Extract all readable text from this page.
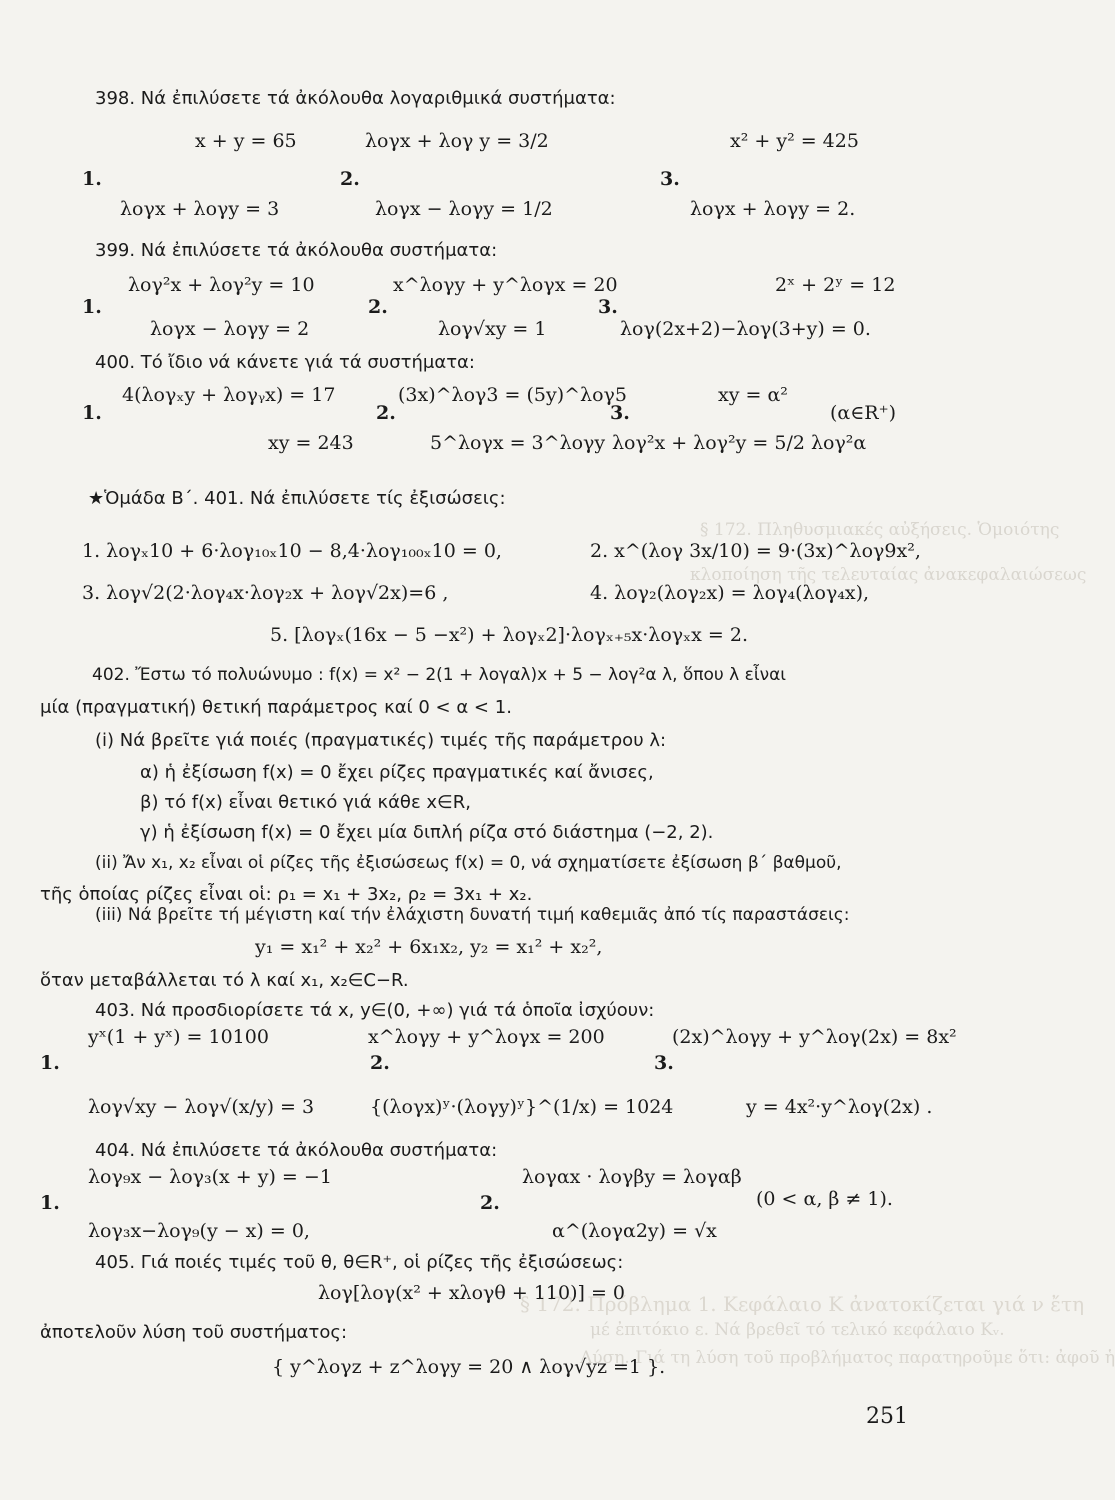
§ 172. Πληθυσμιακές αὐξήσεις. Ὁμοιότης
κλοποίηση τῆς τελευταίας ἀνακεφαλαιώσεως
§ 172. Πρόβλημα 1. Κεφάλαιο Κ ἀνατοκίζεται γιά ν ἔτη
μέ ἐπιτόκιο ε. Νά βρεθεῖ τό τελικό κεφάλαιο Κᵥ.
Λύση. Γιά τη λύση τοῦ προβλήματος παρατηροῦμε ὅτι: ἀφοῦ ἡ
398. Νά ἐπιλύσετε τά ἀκόλουθα λογαριθμικά συστήματα:
x + y = 65
1.
λογx + λογy = 3
λογx + λογ y = 3/2
2.
λογx − λογy = 1/2
x² + y² = 425
3.
λογx + λογy = 2.
399. Νά ἐπιλύσετε τά ἀκόλουθα συστήματα:
λογ²x + λογ²y = 10
1.
λογx − λογy = 2
x^λογy + y^λογx = 20
2.
λογ√xy = 1
2ˣ + 2ʸ = 12
3.
λογ(2x+2)−λογ(3+y) = 0.
400. Τό ἴδιο νά κάνετε γιά τά συστήματα:
4(λογₓy + λογᵧx) = 17
1.
xy = 243
(3x)^λογ3 = (5y)^λογ5
2.
5^λογx = 3^λογy
xy = α²
3.	(α∈R⁺)
λογ²x + λογ²y = 5/2 λογ²α
★Ὁμάδα Β΄. 401. Νά ἐπιλύσετε τίς ἐξισώσεις:
1. λογₓ10 + 6·λογ₁₀ₓ10 − 8,4·λογ₁₀₀ₓ10 = 0,	2. x^(λογ 3x/10) = 9·(3x)^λογ9x²,
3. λογ√2(2·λογ₄x·λογ₂x + λογ√2x)=6 ,	4. λογ₂(λογ₂x) = λογ₄(λογ₄x),
5. [λογₓ(16x − 5 −x²) + λογₓ2]·λογₓ₊₅x·λογₓx = 2.
402. Ἔστω τό πολυώνυμο : f(x) = x² − 2(1 + λογαλ)x + 5 − λογ²α λ, ὅπου λ εἶναι
μία (πραγματική) θετική παράμετρος καί 0 < α < 1.
(i) Νά βρεῖτε γιά ποιές (πραγματικές) τιμές τῆς παράμετρου λ:
α) ἡ ἐξίσωση f(x) = 0 ἔχει ρίζες πραγματικές καί ἄνισες,
β) τό f(x) εἶναι θετικό γιά κάθε x∈R,
γ) ἡ ἐξίσωση f(x) = 0 ἔχει μία διπλή ρίζα στό διάστημα (−2, 2).
(ii) Ἄν x₁, x₂ εἶναι οἱ ρίζες τῆς ἐξισώσεως f(x) = 0, νά σχηματίσετε ἐξίσωση β΄ βαθμοῦ,
τῆς ὁποίας ρίζες εἶναι οἱ: ρ₁ = x₁ + 3x₂, ρ₂ = 3x₁ + x₂.
(iii) Νά βρεῖτε τή μέγιστη καί τήν ἐλάχιστη δυνατή τιμή καθεμιᾶς ἀπό τίς παραστάσεις:
y₁ = x₁² + x₂² + 6x₁x₂, y₂ = x₁² + x₂²,
ὅταν μεταβάλλεται τό λ καί x₁, x₂∈C−R.
403. Νά προσδιορίσετε τά x, y∈(0, +∞) γιά τά ὁποῖα ἰσχύουν:
yˣ(1 + yˣ) = 10100
1.
λογ√xy − λογ√(x/y) = 3
x^λογy + y^λογx = 200
2.
{(λογx)ʸ·(λογy)ʸ}^(1/x) = 1024
(2x)^λογy + y^λογ(2x) = 8x²
3.
y = 4x²·y^λογ(2x) .
404. Νά ἐπιλύσετε τά ἀκόλουθα συστήματα:
λογ₉x − λογ₃(x + y) = −1
1.
λογ₃x−λογ₉(y − x) = 0,
λογαx · λογβy = λογαβ
2.	(0 < α, β ≠ 1).
α^(λογα2y) = √x
405. Γιά ποιές τιμές τοῦ θ, θ∈R⁺, οἱ ρίζες τῆς ἐξισώσεως:
λογ[λογ(x² + xλογθ + 110)] = 0
ἀποτελοῦν λύση τοῦ συστήματος:
{ y^λογz + z^λογy = 20 ∧ λογ√yz =1 }.
251
